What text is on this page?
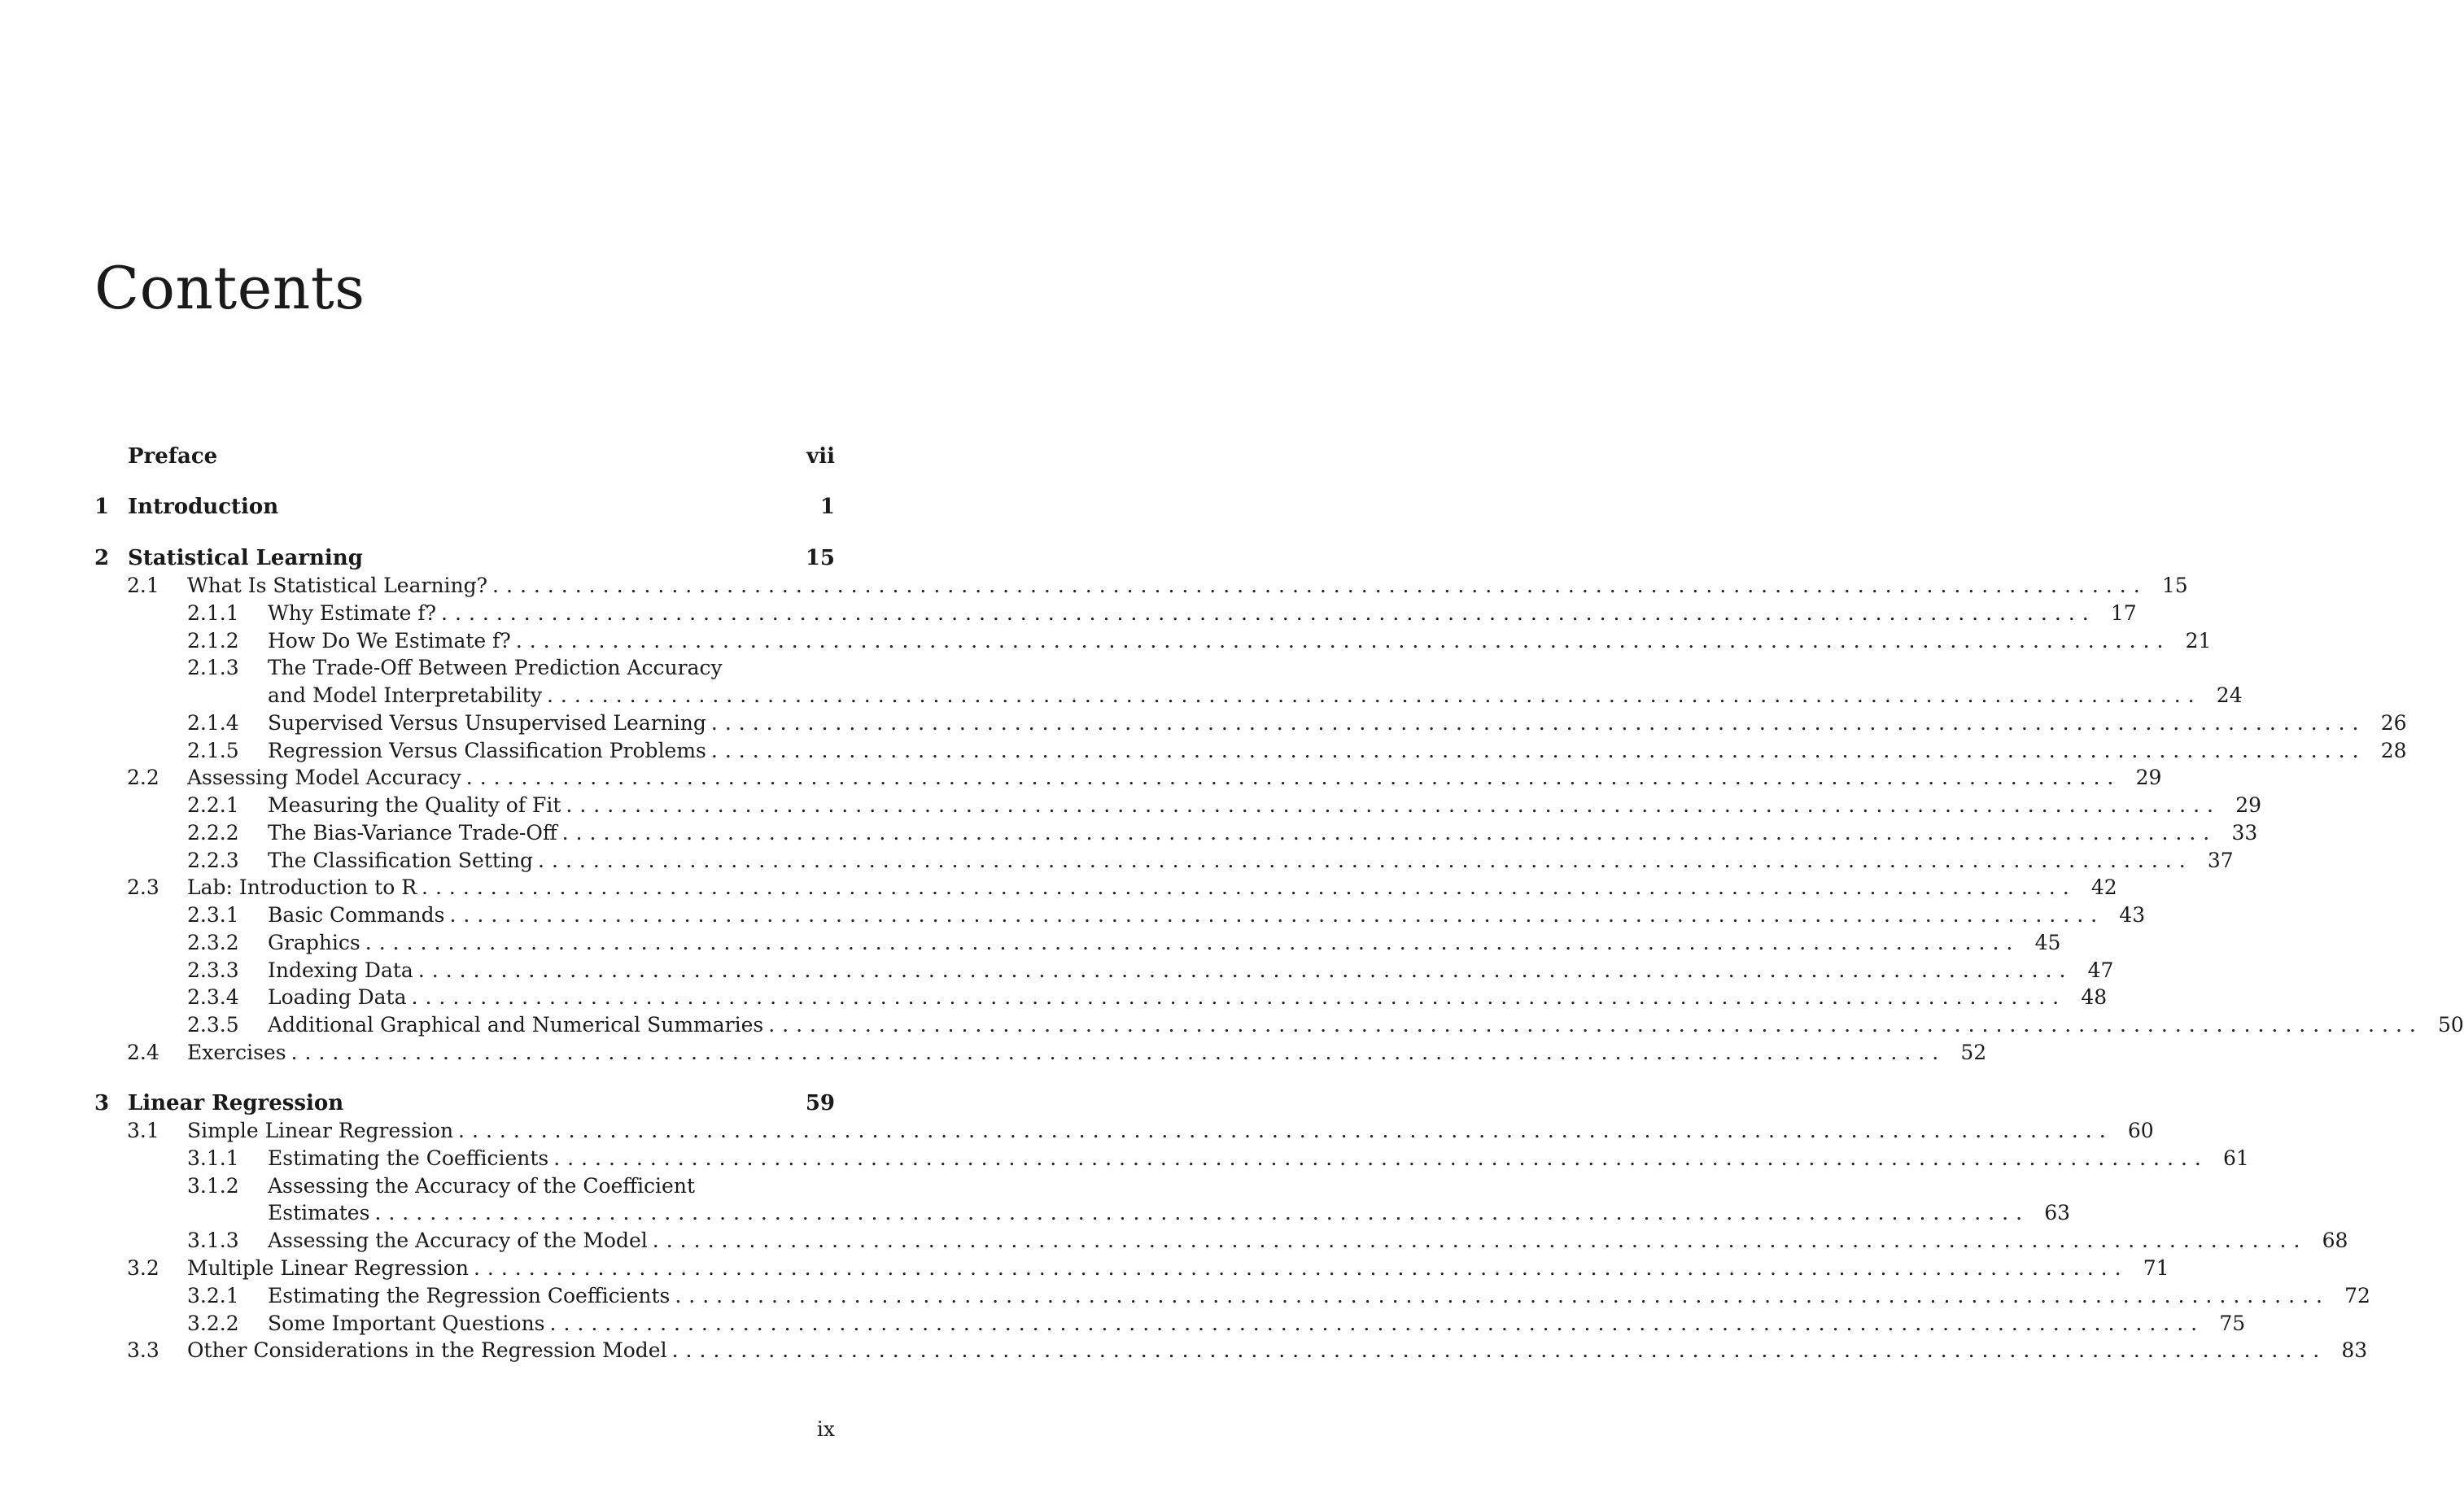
Contents
Preface	vii
1 Introduction	1
2 Statistical Learning	15
2.1	What Is Statistical Learning? ........................................................................................................................ 15
2.1.1	Why Estimate f? ........................................................................................................................ 17
2.1.2	How Do We Estimate f? ........................................................................................................................ 21
2.1.3	The Trade-Off Between Prediction Accuracy
and Model Interpretability ........................................................................................................................ 24
2.1.4	Supervised Versus Unsupervised Learning ........................................................................................................................ 26
2.1.5	Regression Versus Classification Problems ........................................................................................................................ 28
2.2	Assessing Model Accuracy ........................................................................................................................ 29
2.2.1	Measuring the Quality of Fit ........................................................................................................................ 29
2.2.2	The Bias-Variance Trade-Off ........................................................................................................................ 33
2.2.3	The Classification Setting ........................................................................................................................ 37
2.3	Lab: Introduction to R ........................................................................................................................ 42
2.3.1	Basic Commands ........................................................................................................................ 43
2.3.2	Graphics ........................................................................................................................ 45
2.3.3	Indexing Data ........................................................................................................................ 47
2.3.4	Loading Data ........................................................................................................................ 48
2.3.5	Additional Graphical and Numerical Summaries ........................................................................................................................ 50
2.4	Exercises ........................................................................................................................ 52
3 Linear Regression	59
3.1	Simple Linear Regression ........................................................................................................................ 60
3.1.1	Estimating the Coefficients ........................................................................................................................ 61
3.1.2	Assessing the Accuracy of the Coefficient
Estimates ........................................................................................................................ 63
3.1.3	Assessing the Accuracy of the Model ........................................................................................................................ 68
3.2	Multiple Linear Regression ........................................................................................................................ 71
3.2.1	Estimating the Regression Coefficients ........................................................................................................................ 72
3.2.2	Some Important Questions ........................................................................................................................ 75
3.3	Other Considerations in the Regression Model ........................................................................................................................ 83
ix
